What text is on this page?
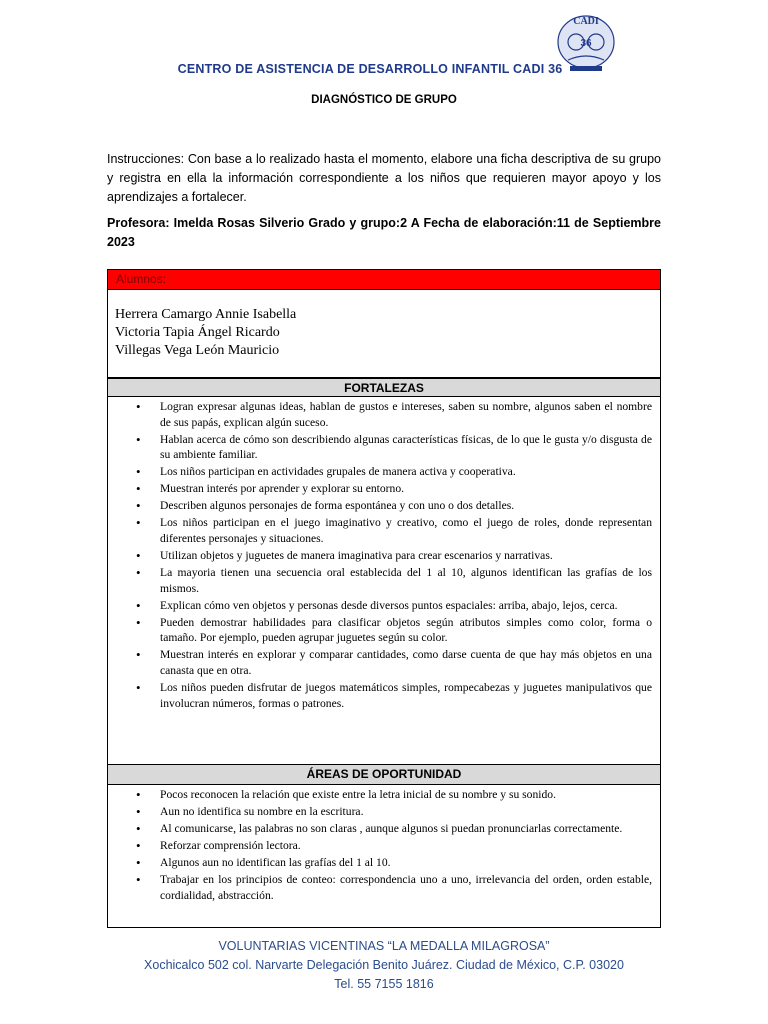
CADI
36
CENTRO DE ASISTENCIA DE DESARROLLO INFANTIL CADI 36
DIAGNÓSTICO DE GRUPO
Instrucciones: Con base a lo realizado hasta el momento, elabore una ficha descriptiva de su grupo y registra en ella la información correspondiente a los niños que requieren mayor apoyo y los aprendizajes a fortalecer.
Profesora: Imelda Rosas Silverio Grado y grupo:2 A Fecha de elaboración:11 de Septiembre 2023
Alumnos:
Herrera Camargo Annie Isabella
Victoria Tapia Ángel Ricardo
Villegas Vega León Mauricio
FORTALEZAS
• Logran expresar algunas ideas, hablan de gustos e intereses, saben su nombre, algunos saben el nombre de sus papás, explican algún suceso.
• Hablan acerca de cómo son describiendo algunas características físicas, de lo que le gusta y/o disgusta de su ambiente familiar.
• Los niños participan en actividades grupales de manera activa y cooperativa.
• Muestran interés por aprender y explorar su entorno.
• Describen algunos personajes de forma espontánea y con uno o dos detalles.
• Los niños participan en el juego imaginativo y creativo, como el juego de roles, donde representan diferentes personajes y situaciones.
• Utilizan objetos y juguetes de manera imaginativa para crear escenarios y narrativas.
• La mayoria tienen una secuencia oral establecida del 1 al 10, algunos identifican las grafías de los mismos.
• Explican cómo ven objetos y personas desde diversos puntos espaciales: arriba, abajo, lejos, cerca.
• Pueden demostrar habilidades para clasificar objetos según atributos simples como color, forma o tamaño. Por ejemplo, pueden agrupar juguetes según su color.
• Muestran interés en explorar y comparar cantidades, como darse cuenta de que hay más objetos en una canasta que en otra.
• Los niños pueden disfrutar de juegos matemáticos simples, rompecabezas y juguetes manipulativos que involucran números, formas o patrones.
ÁREAS DE OPORTUNIDAD
• Pocos reconocen la relación que existe entre la letra inicial de su nombre y su sonido.
• Aun no identifica su nombre en la escritura.
• Al comunicarse, las palabras no son claras , aunque algunos si puedan pronunciarlas correctamente.
• Reforzar comprensión lectora.
• Algunos aun no identifican las grafías del 1 al 10.
• Trabajar en los principios de conteo: correspondencia uno a uno, irrelevancia del orden, orden estable, cordialidad, abstracción.
VOLUNTARIAS VICENTINAS “LA MEDALLA MILAGROSA”
Xochicalco 502 col. Narvarte Delegación Benito Juárez. Ciudad de México, C.P. 03020
Tel. 55 7155 1816
